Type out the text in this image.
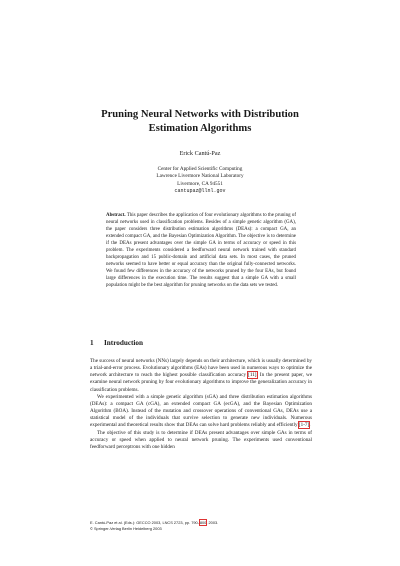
Pruning Neural Networks with Distribution
Estimation Algorithms
Erick Cantú-Paz
Center for Applied Scientific Computing
Lawrence Livermore National Laboratory
Livermore, CA 94551
cantupaz@llnl.gov
Abstract. This paper describes the application of four evolutionary algorithms to the pruning of neural networks used in classification problems. Besides of a simple genetic algorithm (GA), the paper considers three distribution estimation algorithms (DEAs): a compact GA, an extended compact GA, and the Bayesian Optimization Algorithm. The objective is to determine if the DEAs present advantages over the simple GA in terms of accuracy or speed in this problem. The experiments considered a feedforward neural network trained with standard backpropagation and 15 public-domain and artificial data sets. In most cases, the pruned networks seemed to have better or equal accuracy than the original fully-connected networks. We found few differences in the accuracy of the networks pruned by the four EAs, but found large differences in the execution time. The results suggest that a simple GA with a small population might be the best algorithm for pruning networks on the data sets we tested.
1 Introduction

The success of neural networks (NNs) largely depends on their architecture, which is usually determined by a trial-and-error process. Evolutionary algorithms (EAs) have been used in numerous ways to optimize the network architecture to reach the highest possible classification accuracy [11]. In the present paper, we examine neural network pruning by four evolutionary algorithms to improve the generalization accuracy in classification problems.

We experimented with a simple genetic algorithm (sGA) and three distribution estimation algorithms (DEAs): a compact GA (cGA), an extended compact GA (ecGA), and the Bayesian Optimization Algorithm (BOA). Instead of the mutation and crossover operations of conventional GAs, DEAs use a statistical model of the individuals that survive selection to generate new individuals. Numerous experimental and theoretical results show that DEAs can solve hard problems reliably and efficiently [1-7].

The objective of this study is to determine if DEAs present advantages over simple GAs in terms of accuracy or speed when applied to neural network pruning. The experiments used conventional feedforward perceptrons with one hidden

E. Cantú-Paz et al. (Eds.): GECCO 2003, LNCS 2723, pp. 790–800, 2003.
© Springer-Verlag Berlin Heidelberg 2003
